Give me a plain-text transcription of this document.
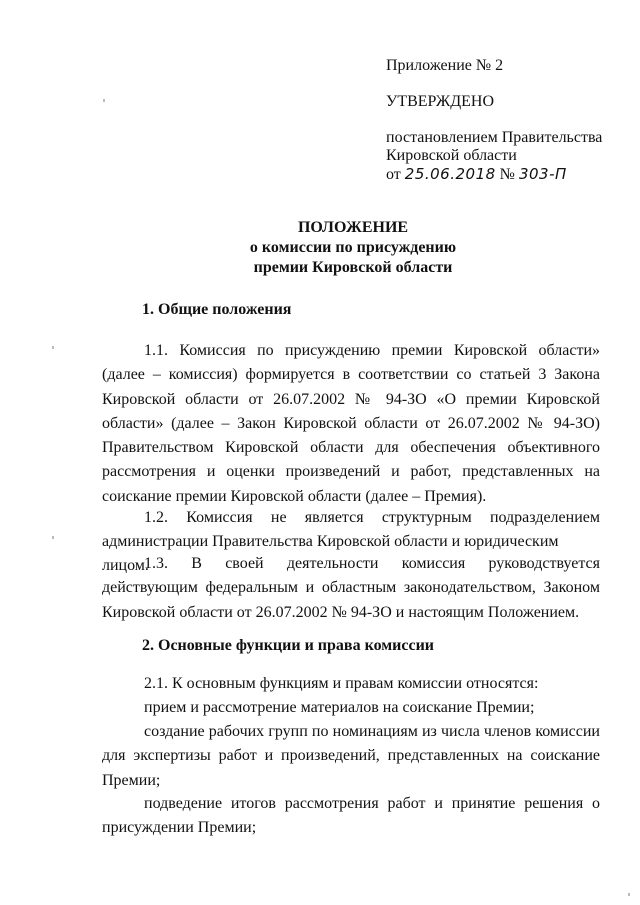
Приложение № 2
УТВЕРЖДЕНО
постановлением Правительства
Кировской области
от 25.06.2018 № 303-П
ПОЛОЖЕНИЕ
о комиссии по присуждению
премии Кировской области
1. Общие положения
1.1. Комиссия по присуждению премии Кировской области» (далее – комиссия) формируется в соответствии со статьей 3 Закона Кировской области от 26.07.2002 № 94-ЗО «О премии Кировской области» (далее – Закон Кировской области от 26.07.2002 № 94-ЗО) Правительством Кировской области для обеспечения объективного рассмотрения и оценки произведений и работ, представленных на соискание премии Кировской области (далее – Премия).
1.2. Комиссия не является структурным подразделением
администрации Правительства Кировской области и юридическим лицом.
1.3. В своей деятельности комиссия руководствуется действующим федеральным и областным законодательством, Законом Кировской области от 26.07.2002 № 94-ЗО и настоящим Положением.
2. Основные функции и права комиссии
2.1. К основным функциям и правам комиссии относятся:
прием и рассмотрение материалов на соискание Премии;
создание рабочих групп по номинациям из числа членов комиссии для экспертизы работ и произведений, представленных на соискание Премии;
подведение итогов рассмотрения работ и принятие решения о присуждении Премии;
